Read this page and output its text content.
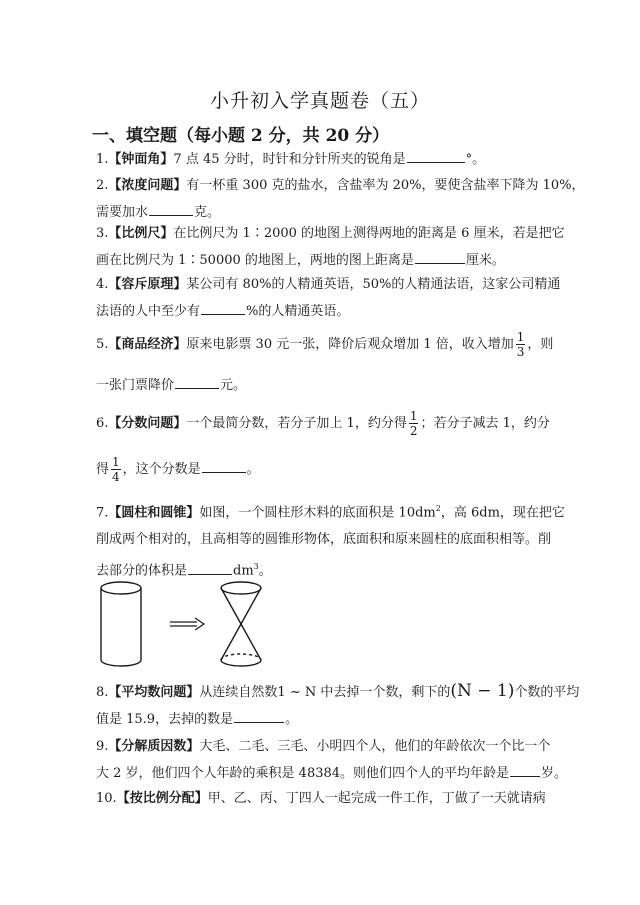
小升初入学真题卷（五）
一、填空题（每小题 2 分，共 20 分）
1.【钟面角】7 点 45 分时，时针和分针所夹的锐角是	°。
2.【浓度问题】有一杯重 300 克的盐水，含盐率为 20%，要使含盐率下降为 10%，
需要加水	克。
3.【比例尺】在比例尺为 1∶2000 的地图上测得两地的距离是 6 厘米，若是把它
画在比例尺为 1∶50000 的地图上，两地的图上距离是	厘米。
4.【容斥原理】某公司有 80%的人精通英语，50%的人精通法语，这家公司精通
法语的人中至少有	%的人精通英语。
5.【商品经济】原来电影票 30 元一张，降价后观众增加 1 倍，收入增加 $\frac{1}{3}$ ，则
一张门票降价	元。
6.【分数问题】一个最简分数，若分子加上 1，约分得 $\frac{1}{2}$ ；若分子减去 1，约分
得 $\frac{1}{4}$ ，这个分数是	。
7.【圆柱和圆锥】如图，一个圆柱形木料的底面积是 $10dm^2$，高 6dm，现在把它
削成两个相对的，且高相等的圆锥形物体，底面积和原来圆柱的底面积相等。削
去部分的体积是	$dm^3$。
8.【平均数问题】从连续自然数1 ~ N 中去掉一个数，剩下的(N − 1)个数的平均
值是 15.9，去掉的数是	。
9.【分解质因数】大毛、二毛、三毛、小明四个人，他们的年龄依次一个比一个
大 2 岁，他们四个人年龄的乘积是 48384。则他们四个人的平均年龄是 岁。
10.【按比例分配】甲、乙、丙、丁四人一起完成一件工作，丁做了一天就请病
